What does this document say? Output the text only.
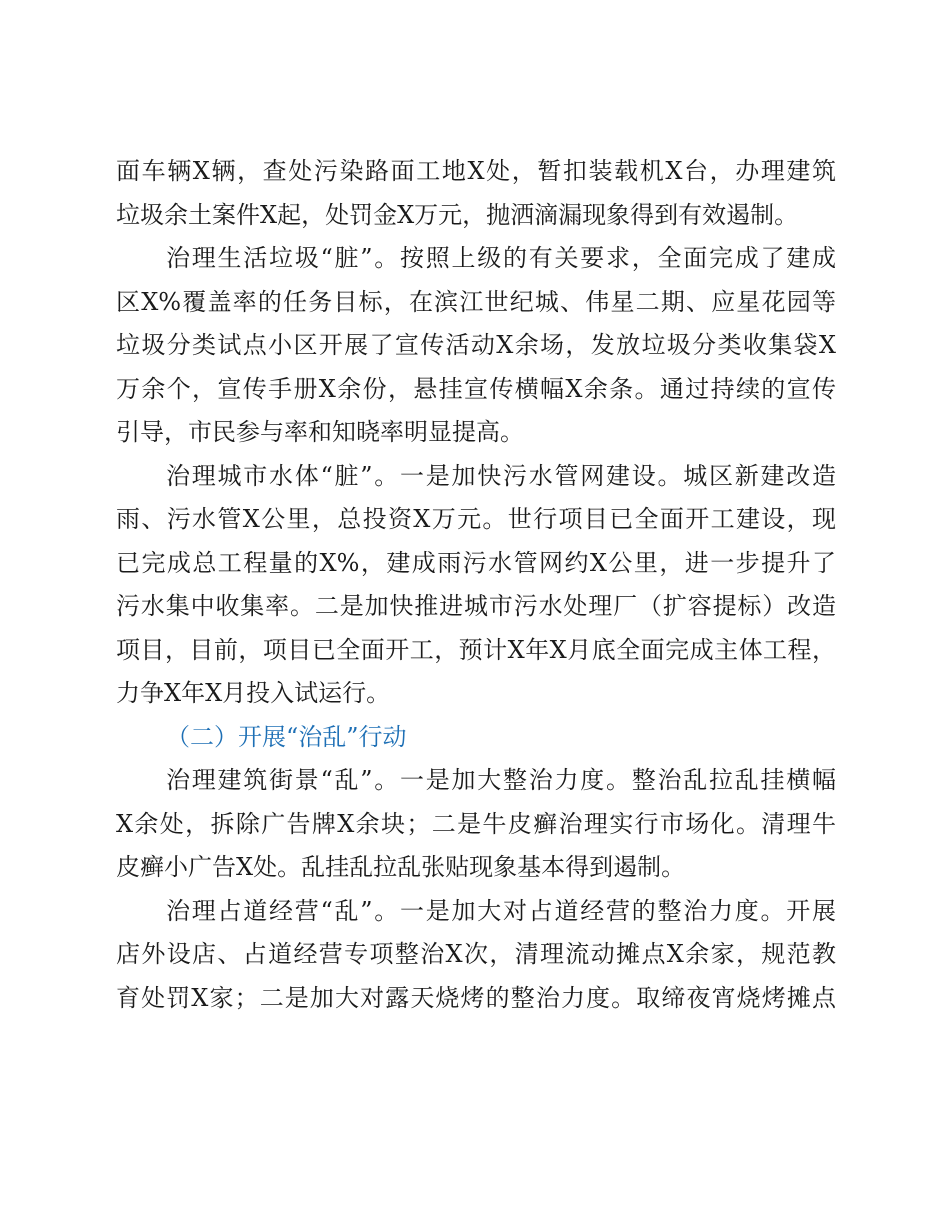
面车辆X辆，查处污染路面工地X处，暂扣装载机X台，办理建筑
垃圾余土案件X起，处罚金X万元，抛洒滴漏现象得到有效遏制。
治理生活垃圾“脏”。按照上级的有关要求，全面完成了建成
区X%覆盖率的任务目标，在滨江世纪城、伟星二期、应星花园等
垃圾分类试点小区开展了宣传活动X余场，发放垃圾分类收集袋X
万余个，宣传手册X余份，悬挂宣传横幅X余条。通过持续的宣传
引导，市民参与率和知晓率明显提高。
治理城市水体“脏”。一是加快污水管网建设。城区新建改造
雨、污水管X公里，总投资X万元。世行项目已全面开工建设，现
已完成总工程量的X%，建成雨污水管网约X公里，进一步提升了
污水集中收集率。二是加快推进城市污水处理厂（扩容提标）改造
项目，目前，项目已全面开工，预计X年X月底全面完成主体工程，
力争X年X月投入试运行。
（二）开展“治乱”行动
治理建筑街景“乱”。一是加大整治力度。整治乱拉乱挂横幅
X余处，拆除广告牌X余块；二是牛皮癣治理实行市场化。清理牛
皮癣小广告X处。乱挂乱拉乱张贴现象基本得到遏制。
治理占道经营“乱”。一是加大对占道经营的整治力度。开展
店外设店、占道经营专项整治X次，清理流动摊点X余家，规范教
育处罚X家；二是加大对露天烧烤的整治力度。取缔夜宵烧烤摊点
